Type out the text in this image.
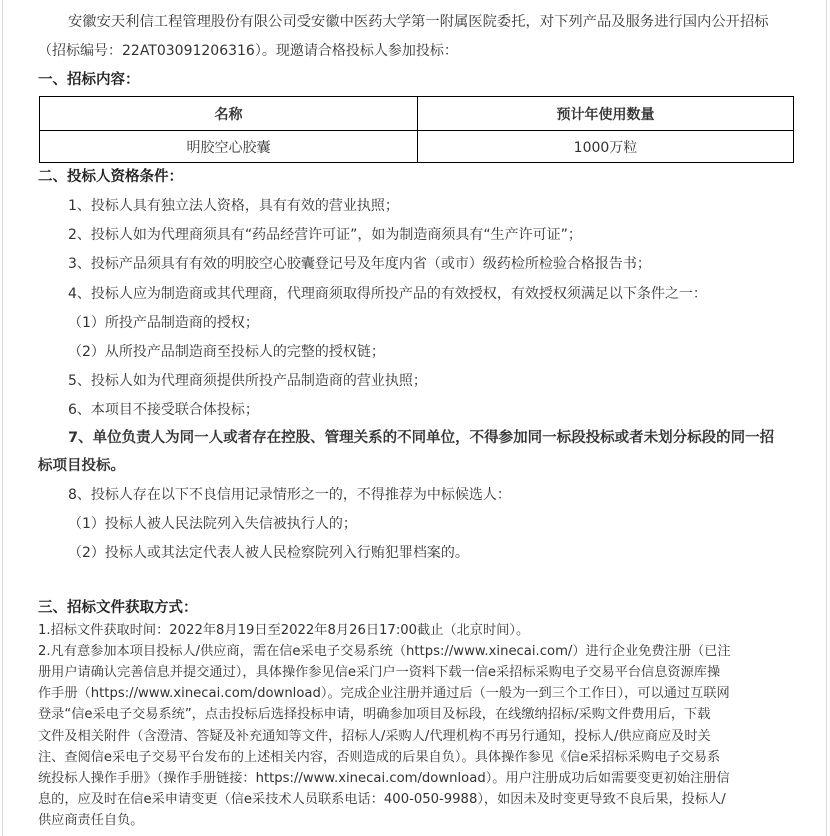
安徽安天利信工程管理股份有限公司受安徽中医药大学第一附属医院委托，对下列产品及服务进行国内公开招标
（招标编号：22AT03091206316）。现邀请合格投标人参加投标：
一、招标内容：
名称	预计年使用数量
明胶空心胶囊	1000万粒
二、投标人资格条件：
1、投标人具有独立法人资格，具有有效的营业执照；
2、投标人如为代理商须具有“药品经营许可证”，如为制造商须具有“生产许可证”；
3、投标产品须具有有效的明胶空心胶囊登记号及年度内省（或市）级药检所检验合格报告书；
4、投标人应为制造商或其代理商，代理商须取得所投产品的有效授权，有效授权须满足以下条件之一：
（1）所投产品制造商的授权；
（2）从所投产品制造商至投标人的完整的授权链；
5、投标人如为代理商须提供所投产品制造商的营业执照；
6、本项目不接受联合体投标；
7、单位负责人为同一人或者存在控股、管理关系的不同单位，不得参加同一标段投标或者未划分标段的同一招
标项目投标。
8、投标人存在以下不良信用记录情形之一的，不得推荐为中标候选人：
（1）投标人被人民法院列入失信被执行人的；
（2）投标人或其法定代表人被人民检察院列入行贿犯罪档案的。
三、招标文件获取方式：
1.招标文件获取时间：2022年8月19日至2022年8月26日17:00截止（北京时间）。
2.凡有意参加本项目投标人/供应商，需在信e采电子交易系统（https://www.xinecai.com/）进行企业免费注册（已注
册用户请确认完善信息并提交通过），具体操作参见信e采门户一资料下载一信e采招标采购电子交易平台信息资源库操
作手册（https://www.xinecai.com/download）。完成企业注册并通过后（一般为一到三个工作日），可以通过互联网
登录“信e采电子交易系统”，点击投标后选择投标申请，明确参加项目及标段，在线缴纳招标/采购文件费用后，下载
文件及相关附件（含澄清、答疑及补充通知等文件，招标人/采购人/代理机构不再另行通知，投标人/供应商应及时关
注、查阅信e采电子交易平台发布的上述相关内容，否则造成的后果自负）。具体操作参见《信e采招标采购电子交易系
统投标人操作手册》（操作手册链接：https://www.xinecai.com/download）。用户注册成功后如需要变更初始注册信
息的，应及时在信e采申请变更（信e采技术人员联系电话：400-050-9988），如因未及时变更导致不良后果，投标人/
供应商责任自负。
